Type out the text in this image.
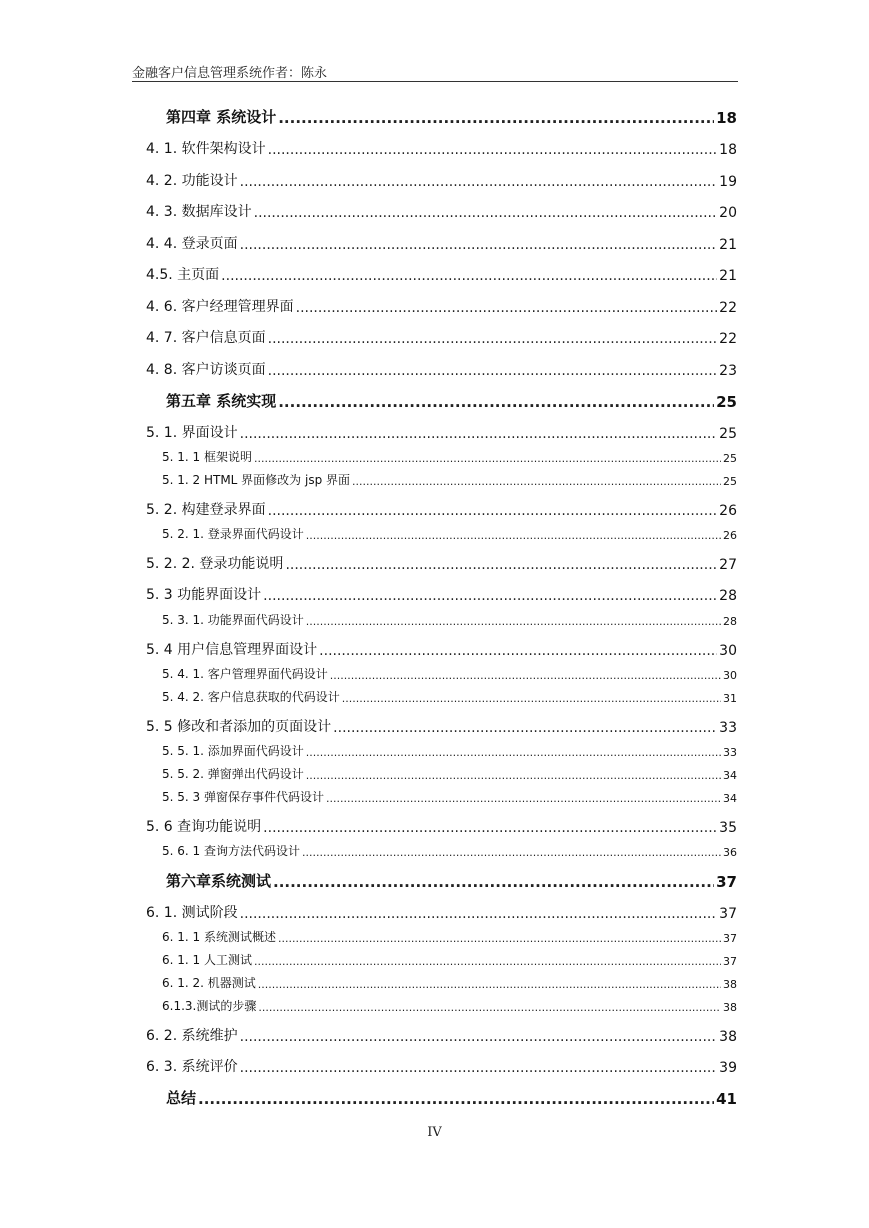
金融客户信息管理系统作者：陈永
第四章 系统设计 .....	18
4. 1. 软件架构设计 .....	18
4. 2. 功能设计 .....	19
4. 3. 数据库设计 .....	20
4. 4. 登录页面 .....	21
4.5. 主页面 .....	21
4. 6. 客户经理管理界面 .....	22
4. 7. 客户信息页面 .....	22
4. 8. 客户访谈页面 .....	23
第五章 系统实现 .....	25
5. 1. 界面设计 .....	25
5. 1. 1 框架说明 .....	25
5. 1. 2 HTML 界面修改为 jsp 界面 .....	25
5. 2. 构建登录界面 .....	26
5. 2. 1. 登录界面代码设计 .....	26
5. 2. 2. 登录功能说明 .....	27
5. 3 功能界面设计 .....	28
5. 3. 1. 功能界面代码设计 .....	28
5. 4 用户信息管理界面设计 .....	30
5. 4. 1. 客户管理界面代码设计 .....	30
5. 4. 2. 客户信息获取的代码设计 .....	31
5. 5 修改和者添加的页面设计 .....	33
5. 5. 1. 添加界面代码设计 .....	33
5. 5. 2. 弹窗弹出代码设计 .....	34
5. 5. 3 弹窗保存事件代码设计 .....	34
5. 6 查询功能说明 .....	35
5. 6. 1 查询方法代码设计 .....	36
第六章系统测试 .....	37
6. 1. 测试阶段 .....	37
6. 1. 1 系统测试概述 .....	37
6. 1. 1 人工测试 .....	37
6. 1. 2. 机器测试 .....	38
6.1.3.测试的步骤 .....	38
6. 2. 系统维护 .....	38
6. 3. 系统评价 .....	39
总结 .....	41
IV
